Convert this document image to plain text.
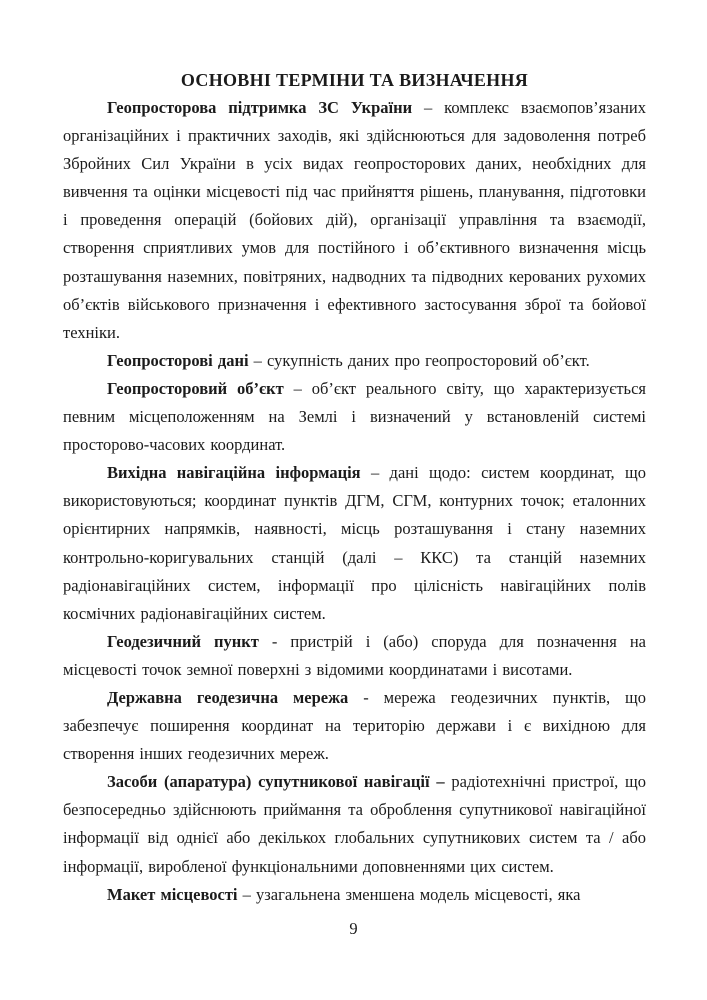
ОСНОВНІ ТЕРМІНИ ТА ВИЗНАЧЕННЯ

Геопросторова підтримка ЗС України – комплекс взаємопов’язаних організаційних і практичних заходів, які здійснюються для задоволення потреб Збройних Сил України в усіх видах геопросторових даних, необхідних для вивчення та оцінки місцевості під час прийняття рішень, планування, підготовки і проведення операцій (бойових дій), організації управління та взаємодії, створення сприятливих умов для постійного і об’єктивного визначення місць розташування наземних, повітряних, надводних та підводних керованих рухомих об’єктів військового призначення і ефективного застосування зброї та бойової техніки.

Геопросторові дані – сукупність даних про геопросторовий об’єкт.

Геопросторовий об’єкт – об’єкт реального світу, що характеризується певним місцеположенням на Землі і визначений у встановленій системі просторово-часових координат.

Вихідна навігаційна інформація – дані щодо: систем координат, що використовуються; координат пунктів ДГМ, СГМ, контурних точок; еталонних орієнтирних напрямків, наявності, місць розташування і стану наземних контрольно-коригувальних станцій (далі – ККС) та станцій наземних радіонавігаційних систем, інформації про цілісність навігаційних полів космічних радіонавігаційних систем.

Геодезичний пункт - пристрій і (або) споруда для позначення на місцевості точок земної поверхні з відомими координатами і висотами.

Державна геодезична мережа - мережа геодезичних пунктів, що забезпечує поширення координат на територію держави і є вихідною для створення інших геодезичних мереж.

Засоби (апаратура) супутникової навігації – радіотехнічні пристрої, що безпосередньо здійснюють приймання та оброблення супутникової навігаційної інформації від однієї або декількох глобальних супутникових систем та / або інформації, виробленої функціональними доповненнями цих систем.

Макет місцевості – узагальнена зменшена модель місцевості, яка

9
